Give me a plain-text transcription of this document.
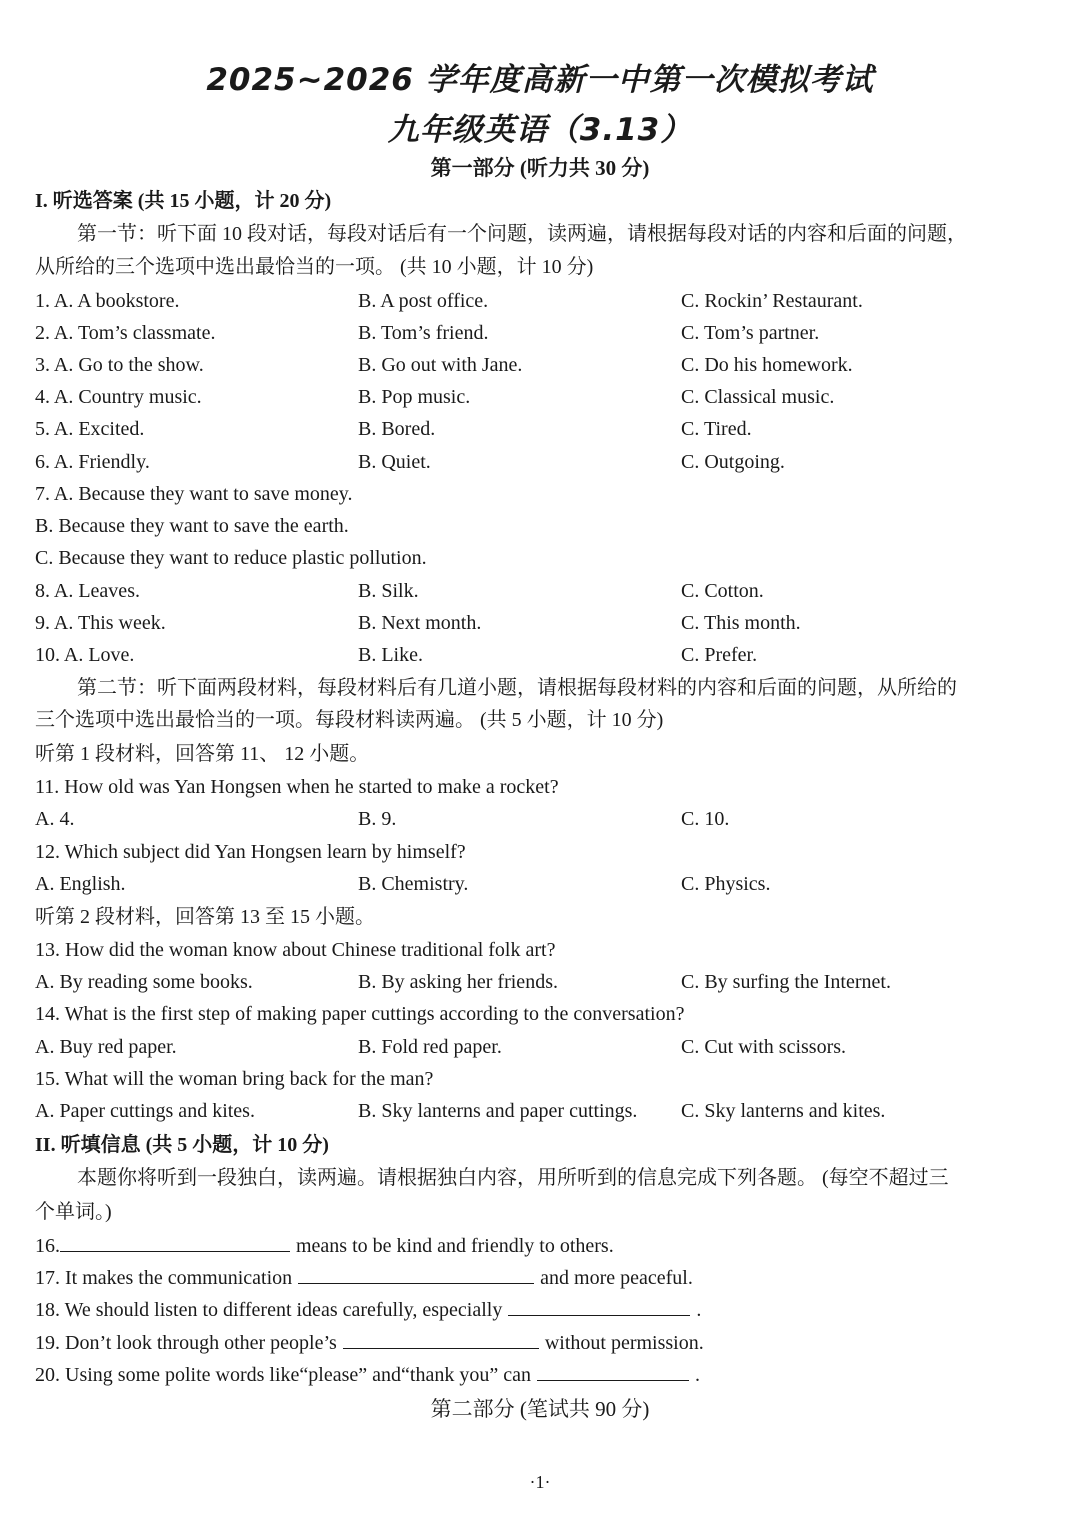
2025~2026 学年度高新一中第一次模拟考试
九年级英语（3.13）
第一部分 (听力共 30 分)
I. 听选答案 (共 15 小题，计 20 分)
第一节：听下面 10 段对话，每段对话后有一个问题，读两遍，请根据每段对话的内容和后面的问题，
从所给的三个选项中选出最恰当的一项。 (共 10 小题，计 10 分)
1. A. A bookstore.	B. A post office.	C. Rockin’ Restaurant.
2. A. Tom’s classmate.	B. Tom’s friend.	C. Tom’s partner.
3. A. Go to the show.	B. Go out with Jane.	C. Do his homework.
4. A. Country music.	B. Pop music.	C. Classical music.
5. A. Excited.	B. Bored.	C. Tired.
6. A. Friendly.	B. Quiet.	C. Outgoing.
7. A. Because they want to save money.
B. Because they want to save the earth.
C. Because they want to reduce plastic pollution.
8. A. Leaves.	B. Silk.	C. Cotton.
9. A. This week.	B. Next month.	C. This month.
10. A. Love.	B. Like.	C. Prefer.
第二节：听下面两段材料，每段材料后有几道小题，请根据每段材料的内容和后面的问题，从所给的
三个选项中选出最恰当的一项。每段材料读两遍。 (共 5 小题，计 10 分)
听第 1 段材料，回答第 11、 12 小题。
11. How old was Yan Hongsen when he started to make a rocket?
A. 4.	B. 9.	C. 10.
12. Which subject did Yan Hongsen learn by himself?
A. English.	B. Chemistry.	C. Physics.
听第 2 段材料，回答第 13 至 15 小题。
13. How did the woman know about Chinese traditional folk art?
A. By reading some books.	B. By asking her friends.	C. By surfing the Internet.
14. What is the first step of making paper cuttings according to the conversation?
A. Buy red paper.	B. Fold red paper.	C. Cut with scissors.
15. What will the woman bring back for the man?
A. Paper cuttings and kites.	B. Sky lanterns and paper cuttings. C. Sky lanterns and kites.
II. 听填信息 (共 5 小题，计 10 分)
本题你将听到一段独白，读两遍。请根据独白内容，用所听到的信息完成下列各题。 (每空不超过三
个单词。)
16.	means to be kind and friendly to others.
17. It makes the communication	and more peaceful.
18. We should listen to different ideas carefully, especially	.
19. Don’t look through other people’s	without permission.
20. Using some polite words like“please” and“thank you” can	.
第二部分 (笔试共 90 分)
·1·
